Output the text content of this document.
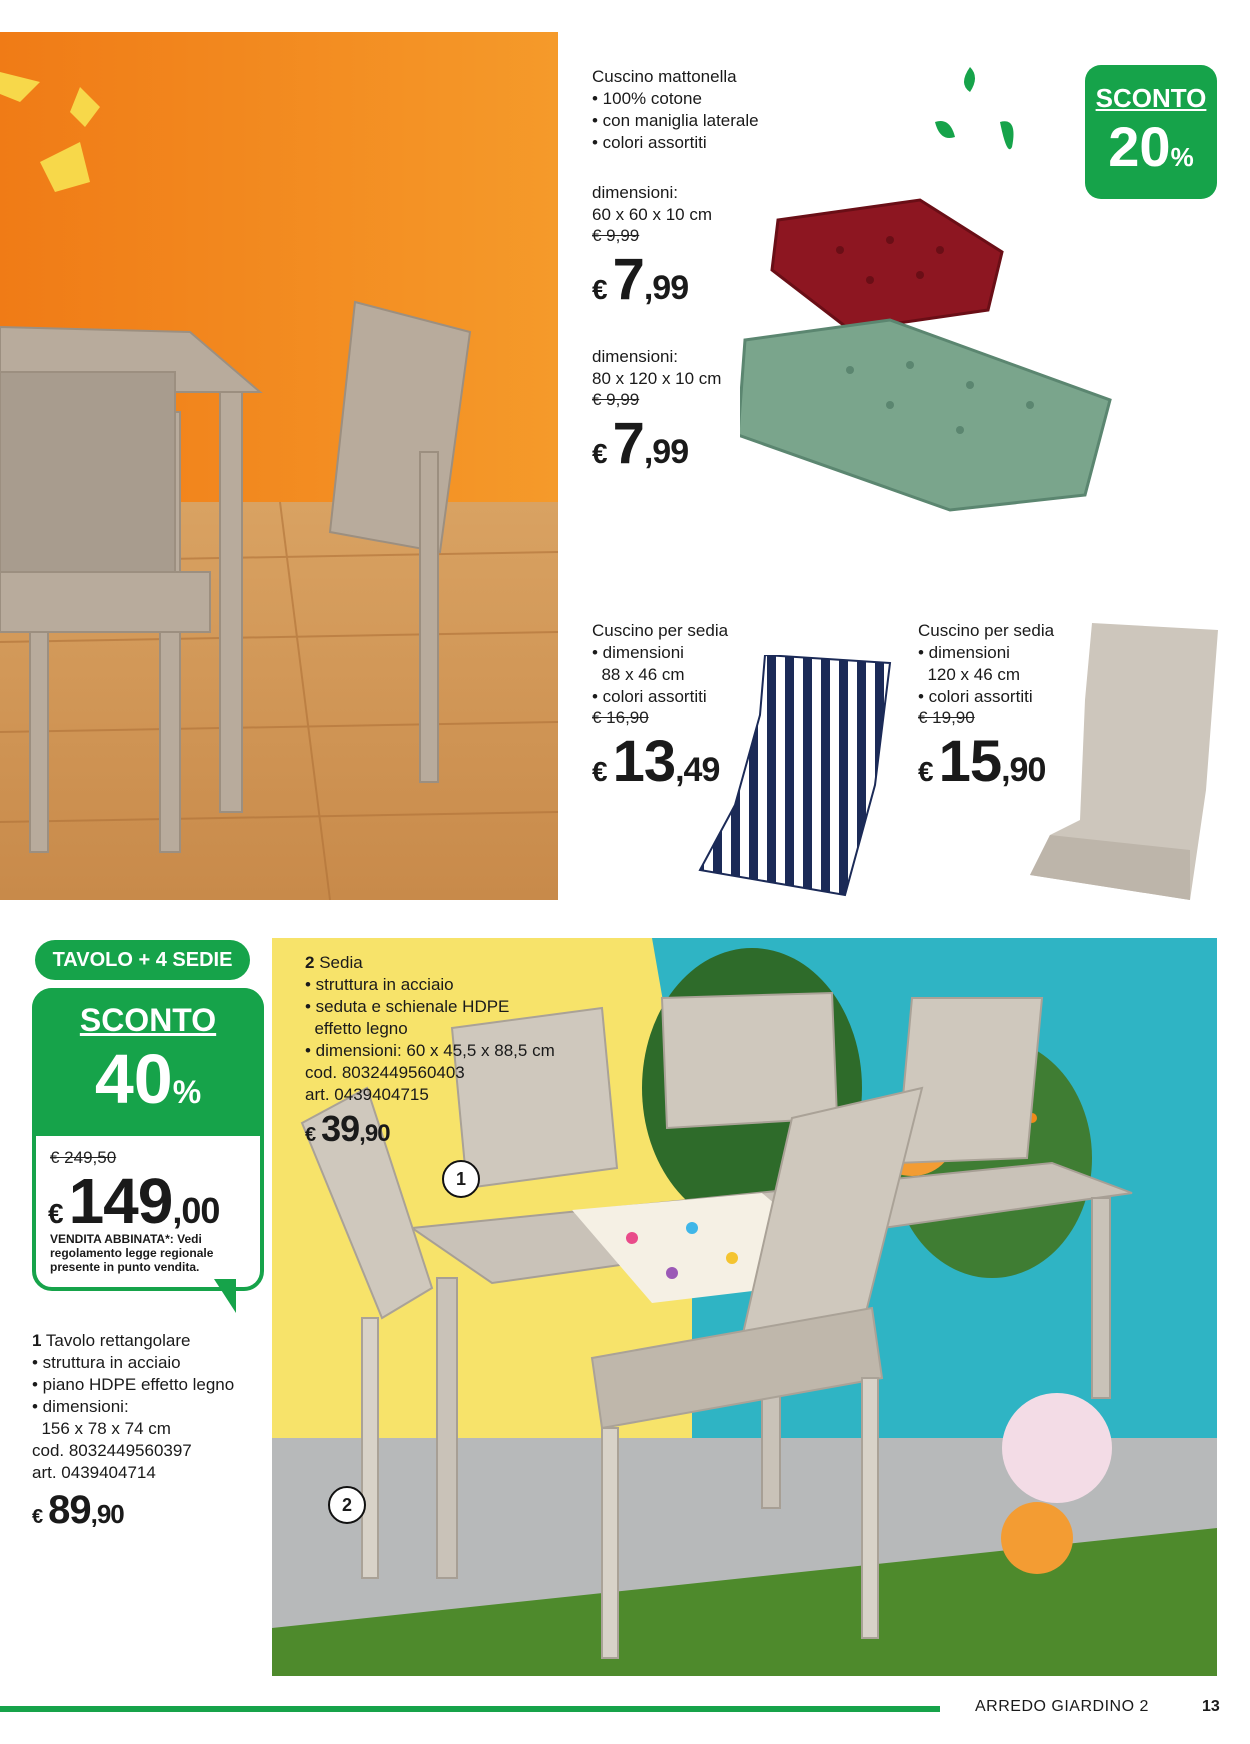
Cuscino mattonella
• 100% cotone
• con maniglia laterale
• colori assortiti
dimensioni:
60 x 60 x 10 cm
€ 9,99
€ 7,99
dimensioni:
80 x 120 x 10 cm
€ 9,99
€ 7,99
SCONTO
20%
Cuscino per sedia
• dimensioni
88 x 46 cm
• colori assortiti
€ 16,90
€ 13,49
Cuscino per sedia
• dimensioni
120 x 46 cm
• colori assortiti
€ 19,90
€ 15,90
TAVOLO + 4 SEDIE
SCONTO
40%
€ 249,50
€149,00
VENDITA ABBINATA*: Vedi
regolamento legge regionale
presente in punto vendita.
1 Tavolo rettangolare
• struttura in acciaio
• piano HDPE effetto legno
• dimensioni:
156 x 78 x 74 cm
cod. 8032449560397
art. 0439404714
€ 89,90
1
2
2 Sedia
• struttura in acciaio
• seduta e schienale HDPE
effetto legno
• dimensioni: 60 x 45,5 x 88,5 cm
cod. 8032449560403
art. 0439404715
€ 39,90
ARREDO GIARDINO 2	13
